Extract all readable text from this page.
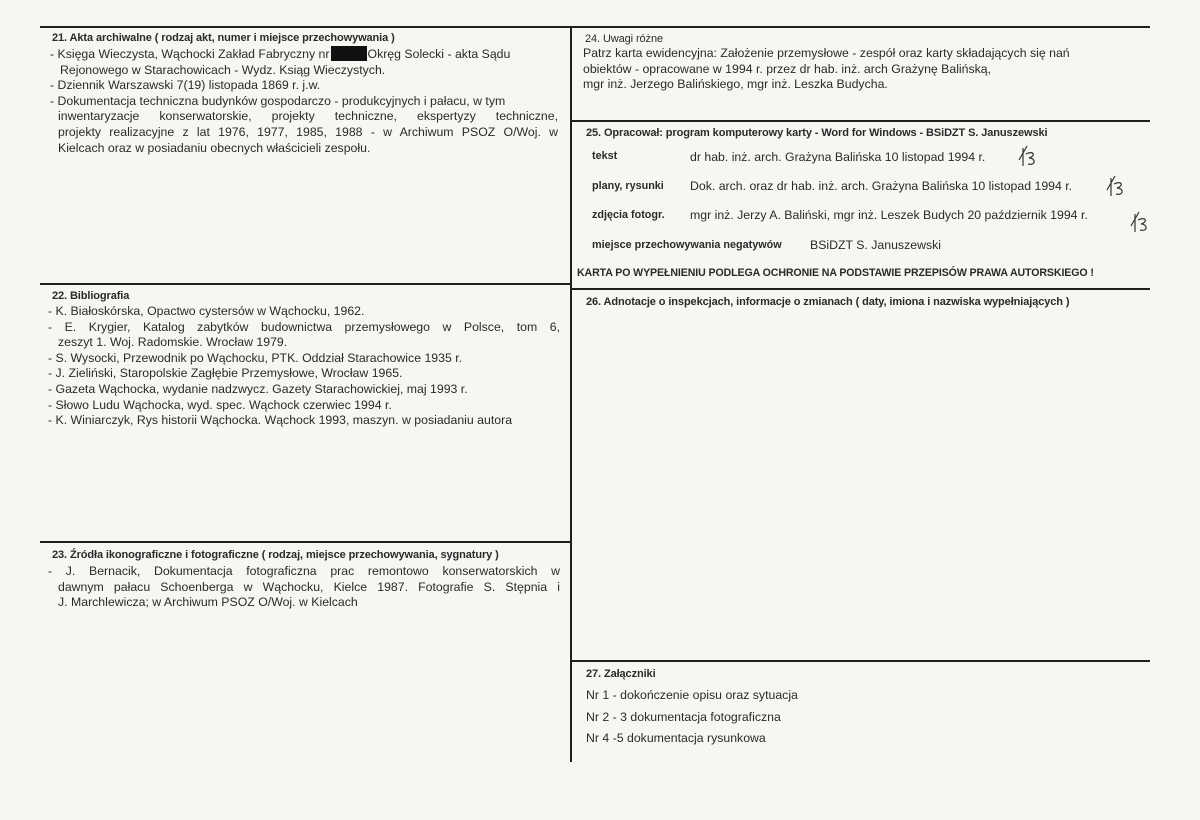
21. Akta archiwalne ( rodzaj akt, numer i miejsce przechowywania )
- Księga Wieczysta, Wąchocki Zakład Fabryczny nr	Okręg Solecki - akta Sądu
Rejonowego w Starachowicach - Wydz. Ksiąg Wieczystych.
- Dziennik Warszawski 7(19) listopada 1869 r. j.w.
- Dokumentacja techniczna budynków gospodarczo - produkcyjnych i pałacu, w tym
inwentaryzacje konserwatorskie, projekty techniczne, ekspertyzy techniczne,
projekty realizacyjne z lat 1976, 1977, 1985, 1988 - w Archiwum PSOZ O/Woj. w
Kielcach oraz w posiadaniu obecnych właścicieli zespołu.
22. Bibliografia
- K. Białoskórska, Opactwo cystersów w Wąchocku, 1962.
- E. Krygier, Katalog zabytków budownictwa przemysłowego w Polsce, tom 6,
zeszyt 1. Woj. Radomskie. Wrocław 1979.
- S. Wysocki, Przewodnik po Wąchocku, PTK. Oddział Starachowice 1935 r.
- J. Zieliński, Staropolskie Zagłębie Przemysłowe, Wrocław 1965.
- Gazeta Wąchocka, wydanie nadzwycz. Gazety Starachowickiej, maj 1993 r.
- Słowo Ludu Wąchocka, wyd. spec. Wąchock czerwiec 1994 r.
- K. Winiarczyk, Rys historii Wąchocka. Wąchock 1993, maszyn. w posiadaniu autora
23. Źródła ikonograficzne i fotograficzne ( rodzaj, miejsce przechowywania, sygnatury )
- J. Bernacik, Dokumentacja fotograficzna prac remontowo konserwatorskich w
dawnym pałacu Schoenberga w Wąchocku, Kielce 1987. Fotografie S. Stępnia i
J. Marchlewicza; w Archiwum PSOZ O/Woj. w Kielcach
24. Uwagi różne
Patrz karta ewidencyjna: Założenie przemysłowe - zespół oraz karty składających się nań
obiektów - opracowane w 1994 r. przez dr hab. inż. arch Grażynę Balińską,
mgr inż. Jerzego Balińskiego, mgr inż. Leszka Budycha.
25. Opracował: program komputerowy karty - Word for Windows - BSiDZT S. Januszewski
tekst	dr hab. inż. arch. Grażyna Balińska 10 listopad 1994 r.
plany, rysunki Dok. arch. oraz dr hab. inż. arch. Grażyna Balińska 10 listopad 1994 r.
zdjęcia fotogr. mgr inż. Jerzy A. Baliński, mgr inż. Leszek Budych 20 październik 1994 r.
miejsce przechowywania negatywów BSiDZT S. Januszewski
KARTA PO WYPEŁNIENIU PODLEGA OCHRONIE NA PODSTAWIE PRZEPISÓW PRAWA AUTORSKIEGO !
26. Adnotacje o inspekcjach, informacje o zmianach ( daty, imiona i nazwiska wypełniających )
27. Załączniki
Nr 1 - dokończenie opisu oraz sytuacja
Nr 2 - 3 dokumentacja fotograficzna
Nr 4 -5 dokumentacja rysunkowa
